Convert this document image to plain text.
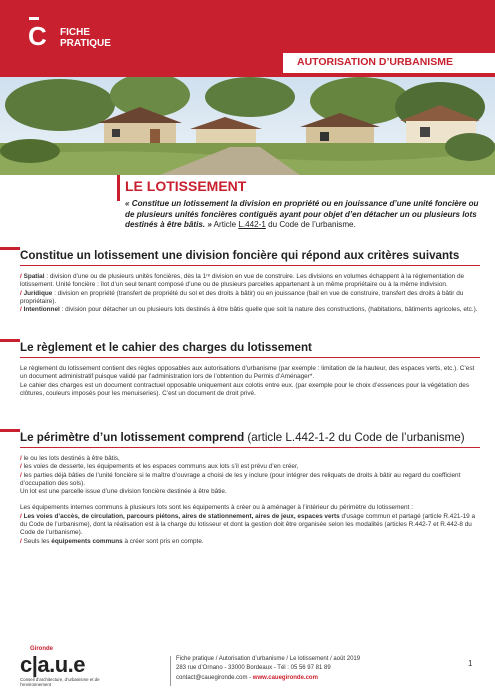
C FICHE
PRATIQUE
AUTORISATION D’URBANISME
LE LOTISSEMENT
« Constitue un lotissement la division en propriété ou en jouissance d’une unité foncière ou de plusieurs unités foncières contiguës ayant pour objet d’en détacher un ou plusieurs lots destinés à être bâtis. » Article L.442-1 du Code de l’urbanisme.
Constitue un lotissement une division foncière qui répond aux critères suivants
/ Spatial : division d’une ou de plusieurs unités foncières, dès la 1ʳᵉ division en vue de construire. Les divisions en volumes échappent à la réglementation de lotissement. Unité foncière : îlot d’un seul tenant composé d’une ou de plusieurs parcelles appartenant à un même propriétaire ou à la même indivision.
/ Juridique : division en propriété (transfert de propriété du sol et des droits à bâtir) ou en jouissance (bail en vue de construire, transfert des droits à bâtir du propriétaire).
/ Intentionnel : division pour détacher un ou plusieurs lots destinés à être bâtis quelle que soit la nature des constructions, (habitations, bâtiments agricoles, etc.).
Le règlement et le cahier des charges du lotissement
Le règlement du lotissement contient des règles opposables aux autorisations d’urbanisme (par exemple : limitation de la hauteur, des espaces verts, etc.). C’est un document administratif puisque validé par l’administration lors de l’obtention du Permis d’Aménager*.
Le cahier des charges est un document contractuel opposable uniquement aux colotis entre eux. (par exemple pour le choix d’essences pour la végétation des clôtures, couleurs imposés pour les menuiseries). C’est un document de droit privé.
Le périmètre d’un lotissement comprend (article L.442-1-2 du Code de l’urbanisme)
/ le ou les lots destinés à être bâtis,
/ les voies de desserte, les équipements et les espaces communs aux lots s’il est prévu d’en créer,
/ les parties déjà bâties de l’unité foncière si le maître d’ouvrage a choisi de les y inclure (pour intégrer des reliquats de droits à bâtir au regard du coefficient d’occupation des sols).
Un lot est une parcelle issue d’une division foncière destinée à être bâtie.
Les équipements internes communs à plusieurs lots sont les équipements à créer ou à aménager à l’intérieur du périmètre du lotissement :
/ Les voies d’accès, de circulation, parcours piétons, aires de stationnement, aires de jeux, espaces verts d’usage commun et partagé (article R.421-19 a du Code de l’urbanisme), dont la réalisation est à la charge du lotisseur et dont la gestion doit être organisée selon les modalités (articles R.442-7 et R.442-8 du Code de l’urbanisme).
/ Seuls les équipements communs à créer sont pris en compte.
Gironde
c|a.u.e
Conseil d’architecture, d’urbanisme et de l’environnement
Fiche pratique / Autorisation d’urbanisme / Le lotissement / août 2019
283 rue d’Ornano - 33000 Bordeaux - Tél : 05 56 97 81 89
contact@cauegironde.com - www.cauegironde.com
1
